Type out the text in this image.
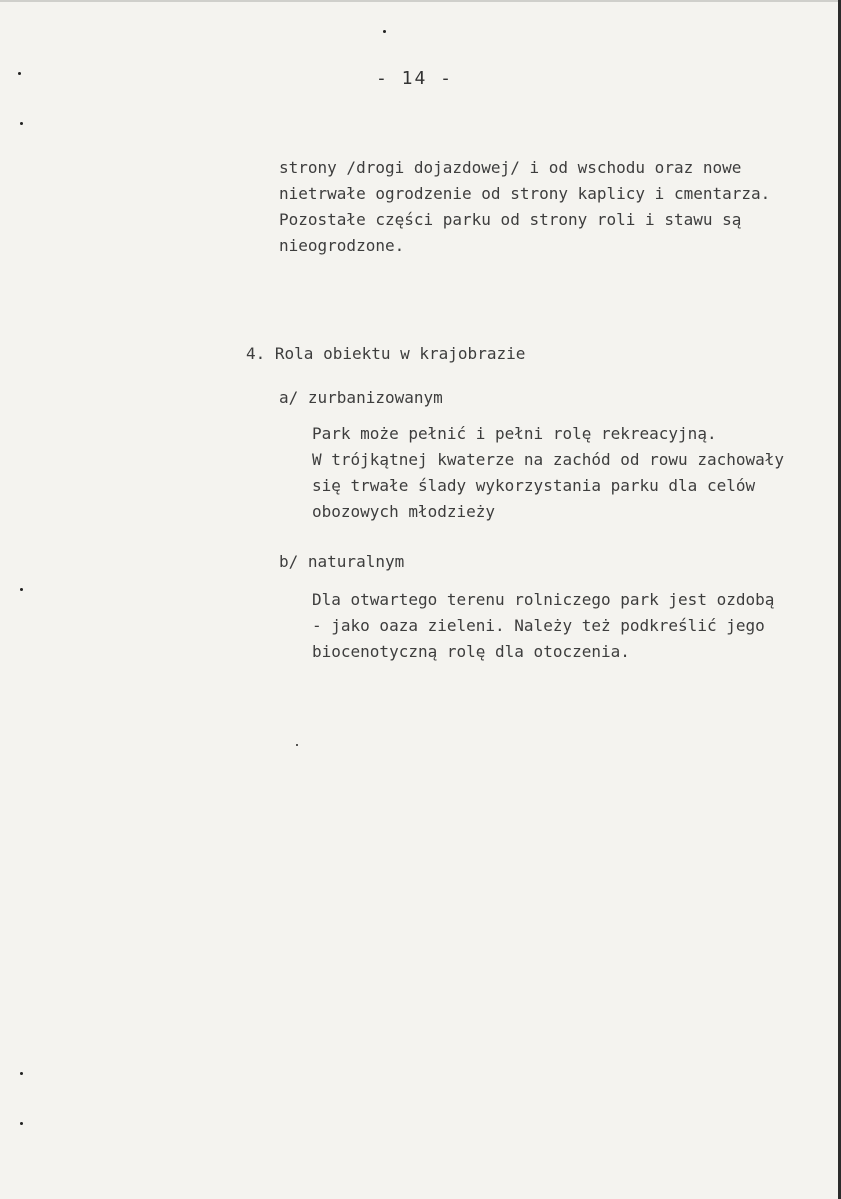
- 14 -
strony /drogi dojazdowej/ i od wschodu oraz nowe
nietrwałe ogrodzenie od strony kaplicy i cmentarza.
Pozostałe części parku od strony roli i stawu są
nieogrodzone.
4. Rola obiektu w krajobrazie
a/ zurbanizowanym
Park może pełnić i pełni rolę rekreacyjną.
W trójkątnej kwaterze na zachód od rowu zachowały
się trwałe ślady wykorzystania parku dla celów
obozowych młodzieży
b/ naturalnym
Dla otwartego terenu rolniczego park jest ozdobą
- jako oaza zieleni. Należy też podkreślić jego
biocenotyczną rolę dla otoczenia.
